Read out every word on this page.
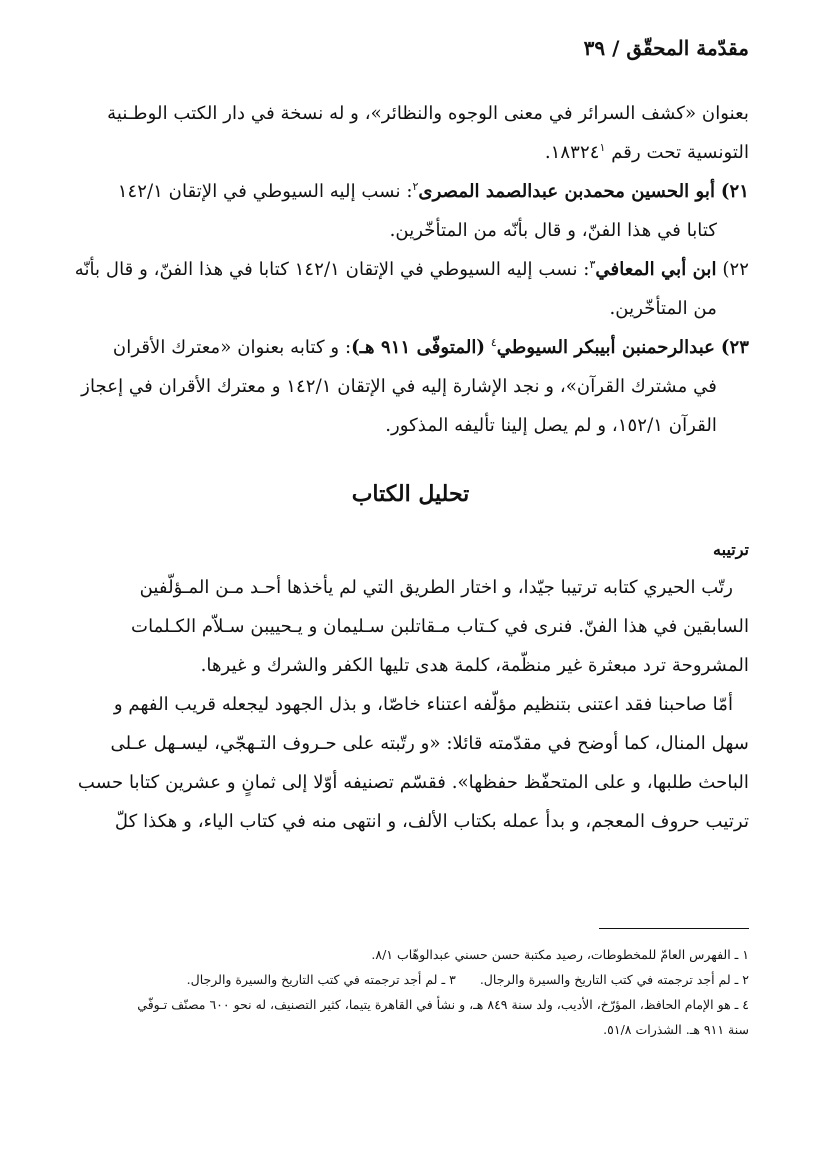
مقدّمة المحقّق / ٣٩

بعنوان «كشف السرائر في معنى الوجوه والنظائر»، و له نسخة في دار الكتب الوطـنية
التونسية تحت رقم ١٨٣٢٤$^١$.

٢١) أبو الحسين محمدبن عبدالصمد المصرى$^٢$: نسب إليه السيوطي في الإتقان ١٤٢/١
كتابا في هذا الفنّ، و قال بأنّه من المتأخّرين.

٢٢) ابن أبي المعافي$^٣$: نسب إليه السيوطي في الإتقان ١٤٢/١ كتابا في هذا الفنّ، و قال بأنّه
من المتأخّرين.

٢٣) عبدالرحمنبن أبيبكر السيوطي$^٤$ (المتوفّى ٩١١ هـ): و كتابه بعنوان «معترك الأقران
في مشترك القرآن»، و نجد الإشارة إليه في الإتقان ١٤٢/١ و معترك الأقران في إعجاز
القرآن ١٥٢/١، و لم يصل إلينا تأليفه المذكور.

تحليل الكتاب
ترتيبه

رتّب الحيري كتابه ترتيبا جيّدا، و اختار الطريق التي لم يأخذها أحـد مـن المـؤلّفين
السابقين في هذا الفنّ. فنرى في كـتاب مـقاتلبن سـليمان و يـحييبن سـلاّم الكـلمات
المشروحة ترد مبعثرة غير منظّمة، كلمة هدى تليها الكفر والشرك و غيرها.

أمّا صاحبنا فقد اعتنى بتنظيم مؤلّفه اعتناء خاصّا، و بذل الجهود ليجعله قريب الفهم و
سهل المنال، كما أوضح في مقدّمته قائلا: «و رتّبته على حـروف التـهجّي، ليسـهل عـلى
الباحث طلبها، و على المتحفّظ حفظها». فقسّم تصنيفه أوّلا إلى ثمانٍ و عشرين كتابا حسب
ترتيب حروف المعجم، و بدأ عمله بكتاب الألف، و انتهى منه في كتاب الياء، و هكذا كلّ

١ ـ الفهرس العامّ للمخطوطات، رصيد مكتبة حسن حسني عبدالوهّاب ٨/١.

٢ ـ لم أجد ترجمته في كتب التاريخ والسيرة والرجال.٣ ـ لم أجد ترجمته في كتب التاريخ والسيرة والرجال.

٤ ـ هو الإمام الحافظ، المؤرّخ، الأديب، ولد سنة ٨٤٩ هـ، و نشأ في القاهرة يتيما، كثير التصنيف، له نحو ٦٠٠ مصنّف تـوفّي

سنة ٩١١ هـ. الشذرات ٥١/٨.
